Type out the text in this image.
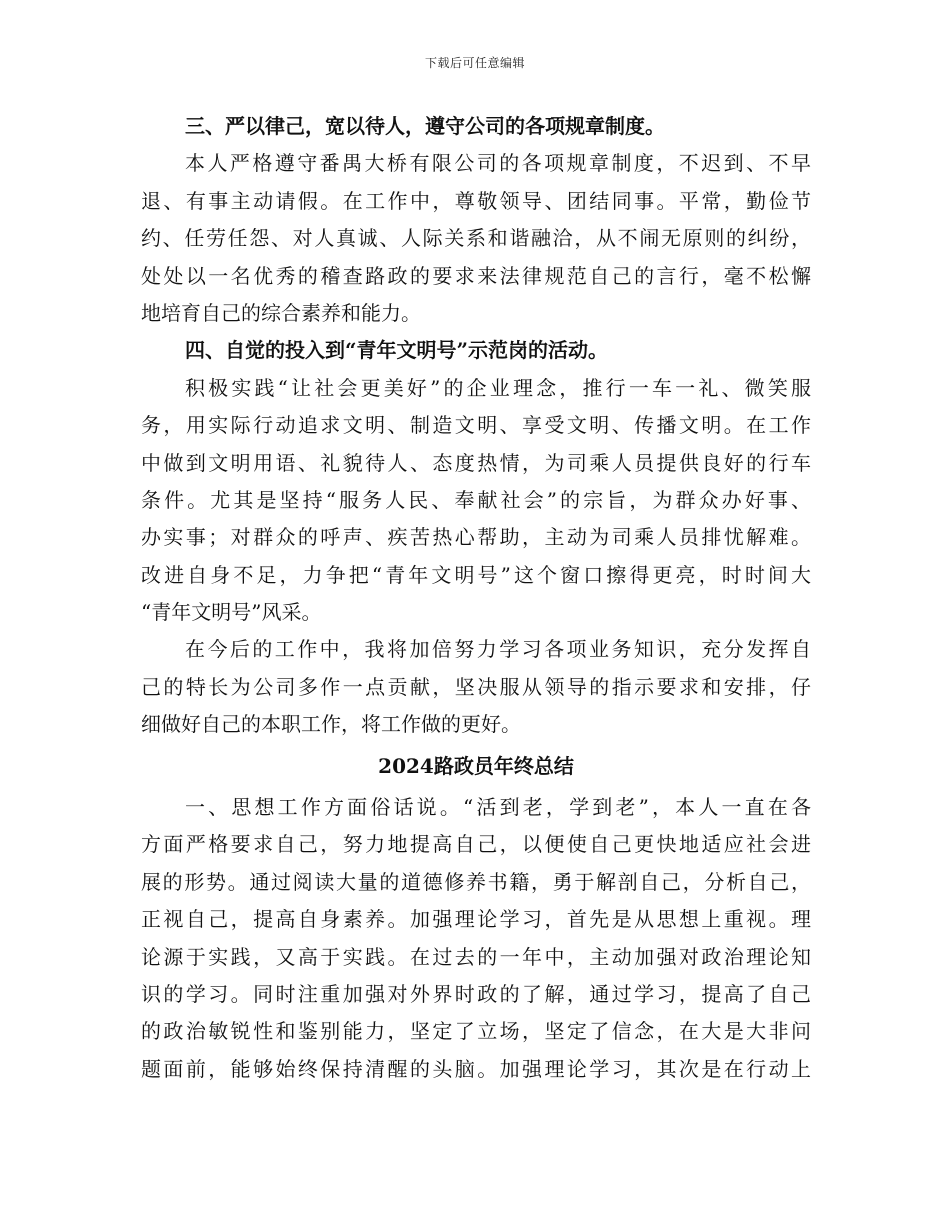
下载后可任意编辑
三、严以律己，宽以待人，遵守公司的各项规章制度。
本人严格遵守番禺大桥有限公司的各项规章制度，不迟到、不早
退、有事主动请假。在工作中，尊敬领导、团结同事。平常，勤俭节
约、任劳任怨、对人真诚、人际关系和谐融洽，从不闹无原则的纠纷，
处处以一名优秀的稽查路政的要求来法律规范自己的言行，毫不松懈
地培育自己的综合素养和能力。
四、自觉的投入到“青年文明号”示范岗的活动。
积极实践“让社会更美好”的企业理念，推行一车一礼、微笑服
务，用实际行动追求文明、制造文明、享受文明、传播文明。在工作
中做到文明用语、礼貌待人、态度热情，为司乘人员提供良好的行车
条件。尤其是坚持“服务人民、奉献社会”的宗旨，为群众办好事、
办实事；对群众的呼声、疾苦热心帮助，主动为司乘人员排忧解难。
改进自身不足，力争把“青年文明号”这个窗口擦得更亮，时时间大
“青年文明号”风采。
在今后的工作中，我将加倍努力学习各项业务知识，充分发挥自
己的特长为公司多作一点贡献，坚决服从领导的指示要求和安排，仔
细做好自己的本职工作，将工作做的更好。
2024路政员年终总结
一、思想工作方面俗话说。“活到老，学到老”，本人一直在各
方面严格要求自己，努力地提高自己，以便使自己更快地适应社会进
展的形势。通过阅读大量的道德修养书籍，勇于解剖自己，分析自己，
正视自己，提高自身素养。加强理论学习，首先是从思想上重视。理
论源于实践，又高于实践。在过去的一年中，主动加强对政治理论知
识的学习。同时注重加强对外界时政的了解，通过学习，提高了自己
的政治敏锐性和鉴别能力，坚定了立场，坚定了信念，在大是大非问
题面前，能够始终保持清醒的头脑。加强理论学习，其次是在行动上
